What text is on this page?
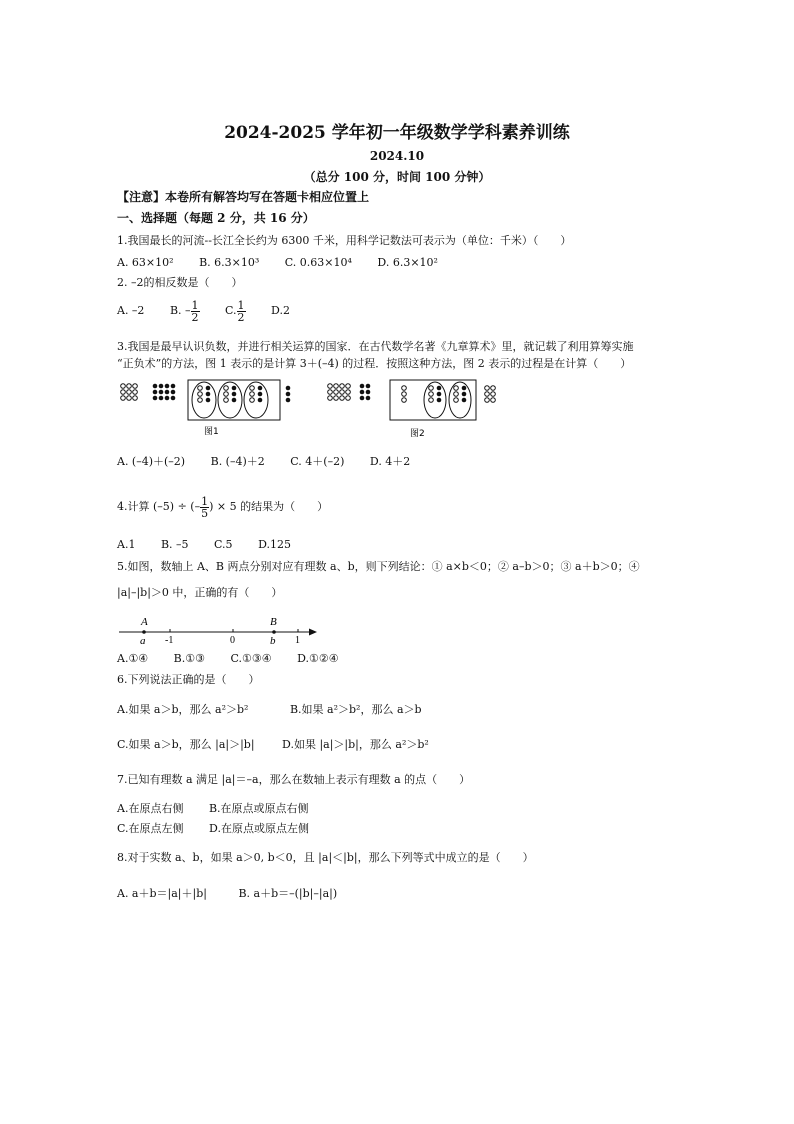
2024-2025 学年初一年级数学学科素养训练
2024.10
（总分 100 分，时间 100 分钟）
【注意】本卷所有解答均写在答题卡相应位置上
一、选择题（每题 2 分，共 16 分）
1.我国最长的河流--长江全长约为 6300 千米，用科学记数法可表示为（单位：千米）（　　）
A. 63×10² B. 6.3×10³ C. 0.63×10⁴ D. 6.3×10²
2. –2的相反数是（　　）
A. –2 B. – $\frac{1}{2} C$. $\frac{1}{2} D.2$
3.我国是最早认识负数，并进行相关运算的国家．在古代数学名著《九章算术》里，就记载了利用算筹实施
“正负术”的方法，图 1 表示的是计算 3＋(–4) 的过程．按照这种方法，图 2 表示的过程是在计算（　　）
图1	图2
A. (–4)＋(–2) B. (–4)＋2 C. 4＋(–2) D. 4＋2
4.计算 (–5) ÷ (– $\frac{1}{5}$ ) × 5 的结果为（　　）
A.1 B. –5 C.5 D.125
5.如图，数轴上 A、B 两点分别对应有理数 a、b，则下列结论：① a×b＜0；② a–b＞0；③ a＋b＞0；④
|a|–|b|＞0 中，正确的有（　　）
A	B
a -1	0	b 1
A.①④ B.①③ C.①③④ D.①②④
6.下列说法正确的是（　　）
A.如果 a＞b，那么 a²＞b²	B.如果 a²＞b²，那么 a＞b
C.如果 a＞b，那么 |a|＞|b|	D.如果 |a|＞|b|，那么 a²＞b²
7.已知有理数 a 满足 |a|＝–a，那么在数轴上表示有理数 a 的点（　　）
A.在原点右侧 B.在原点或原点右侧
C.在原点左侧 D.在原点或原点左侧
8.对于实数 a、b，如果 a＞0, b＜0，且 |a|＜|b|，那么下列等式中成立的是（　　）
A. a＋b＝|a|＋|b|	B. a＋b＝–(|b|–|a|)
